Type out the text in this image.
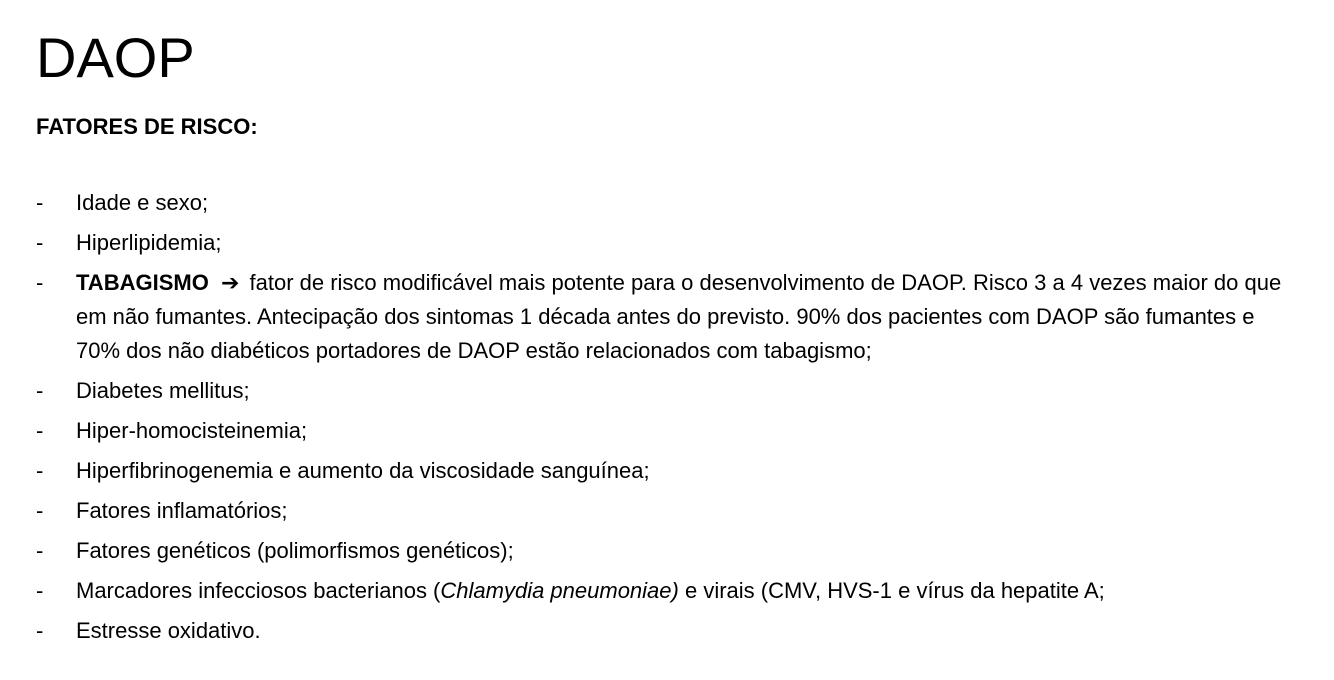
DAOP

FATORES DE RISCO:

-	Idade e sexo;
-	Hiperlipidemia;
-	TABAGISMO ➔ fator de risco modificável mais potente para o desenvolvimento de DAOP. Risco 3 a 4 vezes maior do que em não fumantes. Antecipação dos sintomas 1 década antes do previsto. 90% dos pacientes com DAOP são fumantes e 70% dos não diabéticos portadores de DAOP estão relacionados com tabagismo;
-	Diabetes mellitus;
-	Hiper-homocisteinemia;
-	Hiperfibrinogenemia e aumento da viscosidade sanguínea;
-	Fatores inflamatórios;
-	Fatores genéticos (polimorfismos genéticos);
-	Marcadores infecciosos bacterianos (Chlamydia pneumoniae) e virais (CMV, HVS-1 e vírus da hepatite A;
-	Estresse oxidativo.
